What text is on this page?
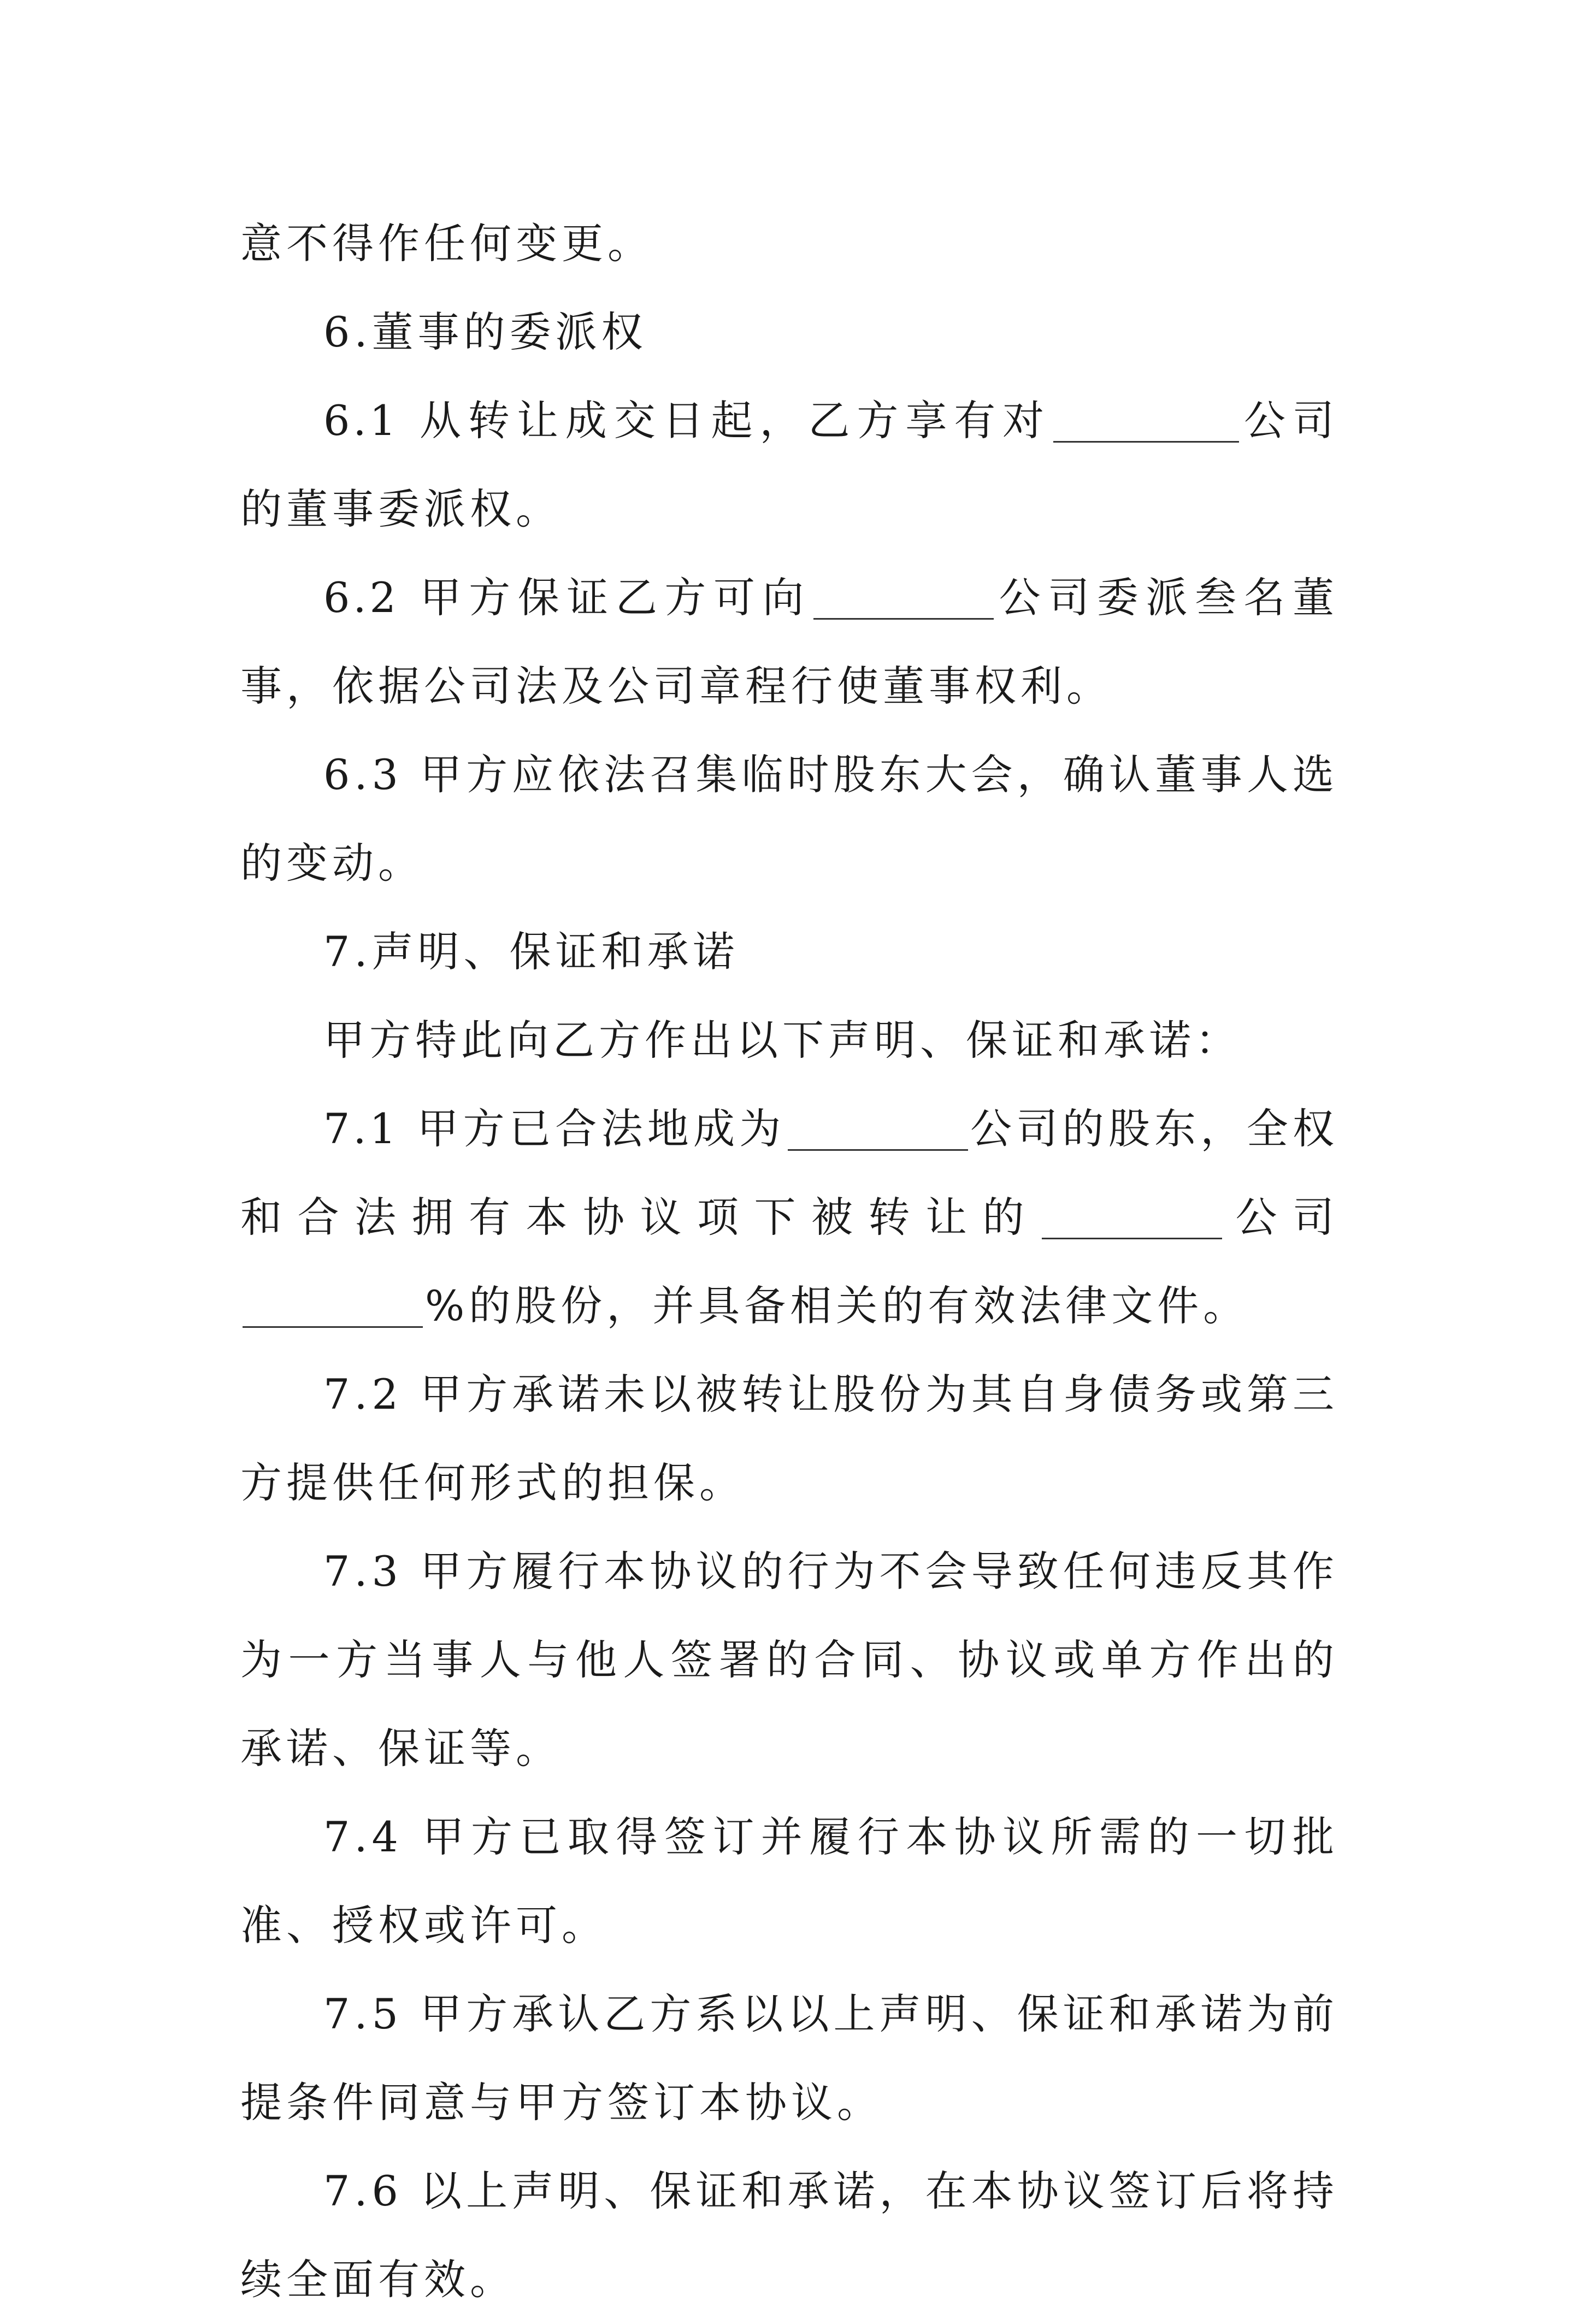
意不得作任何变更。

6.董事的委派权

6.1 从转让成交日起，乙方享有对	公司的董事委派权。

6.2 甲方保证乙方可向	公司委派叁名董事，依据公司法及公司章程行使董事权利。

6.3 甲方应依法召集临时股东大会，确认董事人选的变动。

7.声明、保证和承诺

甲方特此向乙方作出以下声明、保证和承诺：

7.1 甲方已合法地成为	公司的股东，全权和合法拥有本协议项下被转让的	公司%的股份，并具备相关的有效法律文件。

7.2 甲方承诺未以被转让股份为其自身债务或第三方提供任何形式的担保。

7.3 甲方履行本协议的行为不会导致任何违反其作为一方当事人与他人签署的合同、协议或单方作出的承诺、保证等。

7.4 甲方已取得签订并履行本协议所需的一切批准、授权或许可。

7.5 甲方承认乙方系以以上声明、保证和承诺为前提条件同意与甲方签订本协议。

7.6 以上声明、保证和承诺，在本协议签订后将持续全面有效。
